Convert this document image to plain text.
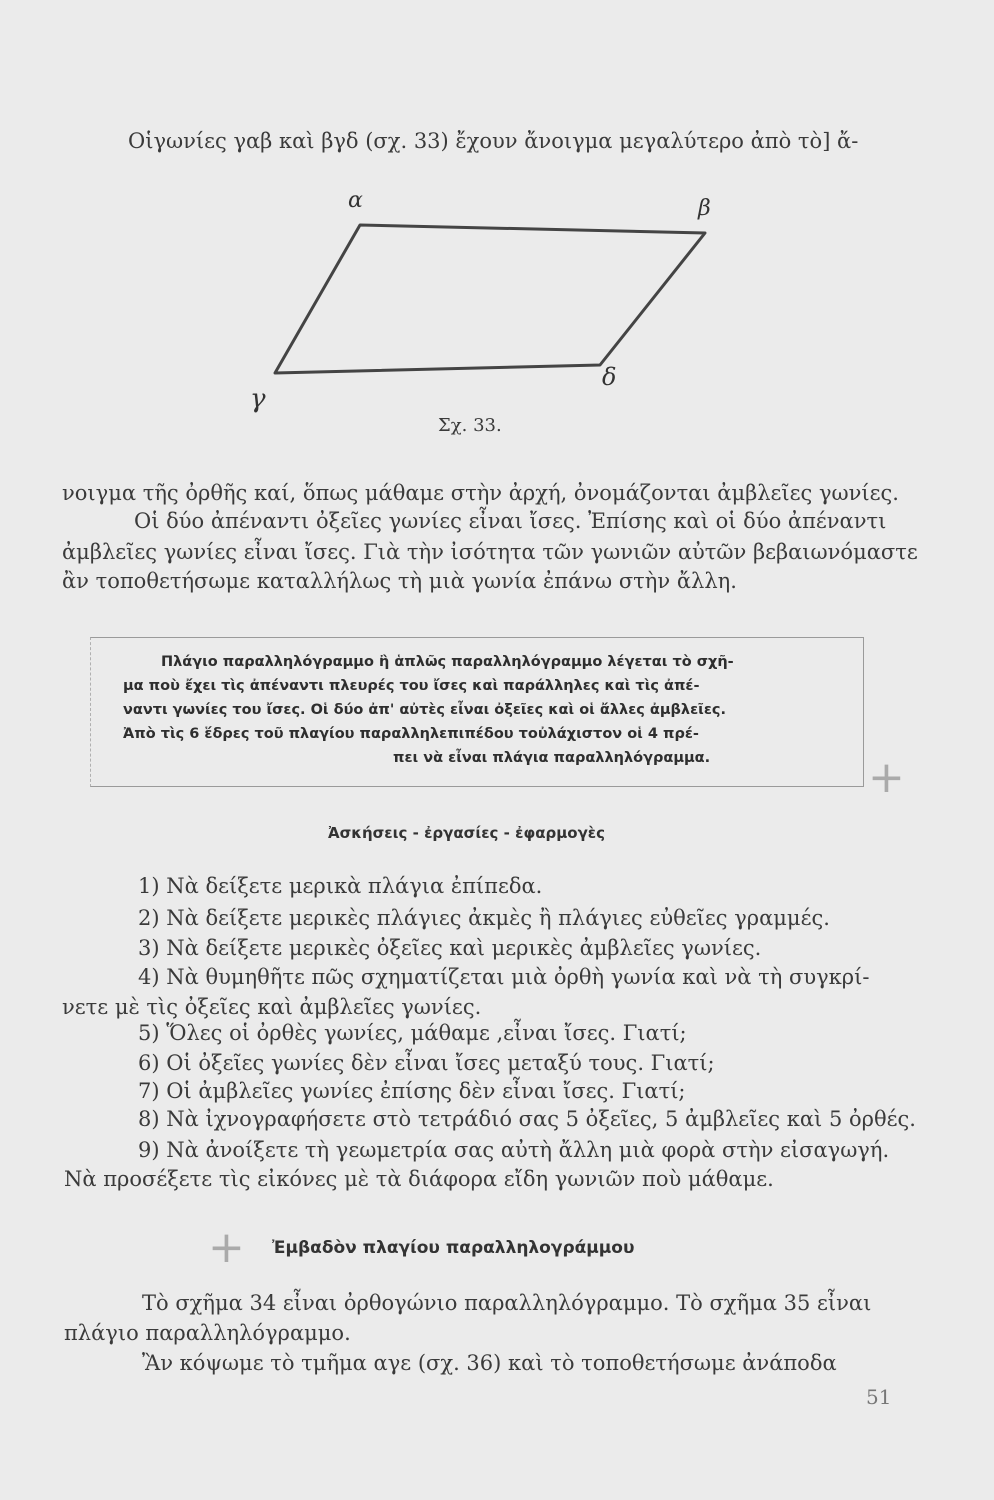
Οἱγωνίες γαβ καὶ βγδ (σχ. 33) ἔχουν ἄνοιγμα μεγαλύτερο ἀπὸ τὸ] ἄ-
α	β
γ
δ
Σχ. 33.
νοιγμα τῆς ὀρθῆς καί, ὅπως μάθαμε στὴν ἀρχή, ὀνομάζονται ἀμβλεῖες γωνίες.
Οἱ δύο ἀπέναντι ὀξεῖες γωνίες εἶναι ἴσες. Ἐπίσης καὶ οἱ δύο ἀπέναντι
ἀμβλεῖες γωνίες εἶναι ἴσες. Γιὰ τὴν ἰσότητα τῶν γωνιῶν αὐτῶν βεβαιωνόμαστε
ἂν τοποθετήσωμε καταλλήλως τὴ μιὰ γωνία ἐπάνω στὴν ἄλλη.
Πλάγιο παραλληλόγραμμο ἢ ἁπλῶς παραλληλόγραμμο λέγεται τὸ σχῆ-
μα ποὺ ἔχει τὶς ἀπέναντι πλευρές του ἴσες καὶ παράλληλες καὶ τὶς ἀπέ-
ναντι γωνίες του ἴσες. Οἱ δύο ἀπ' αὐτὲς εἶναι ὀξεῖες καὶ οἱ ἄλλες ἀμβλεῖες.
Ἀπὸ τὶς 6 ἕδρες τοῦ πλαγίου παραλληλεπιπέδου τοὐλάχιστον οἱ 4 πρέ-
πει νὰ εἶναι πλάγια παραλληλόγραμμα.	+
Ἀσκήσεις - ἐργασίες - ἐφαρμογὲς
1) Νὰ δείξετε μερικὰ πλάγια ἐπίπεδα.
2) Νὰ δείξετε μερικὲς πλάγιες ἀκμὲς ἢ πλάγιες εὐθεῖες γραμμές.
3) Νὰ δείξετε μερικὲς ὀξεῖες καὶ μερικὲς ἀμβλεῖες γωνίες.
4) Νὰ θυμηθῆτε πῶς σχηματίζεται μιὰ ὀρθὴ γωνία καὶ νὰ τὴ συγκρί-
νετε μὲ τὶς ὀξεῖες καὶ ἀμβλεῖες γωνίες.
5) Ὅλες οἱ ὀρθὲς γωνίες, μάθαμε ,εἶναι ἴσες. Γιατί;
6) Οἱ ὀξεῖες γωνίες δὲν εἶναι ἴσες μεταξύ τους. Γιατί;
7) Οἱ ἀμβλεῖες γωνίες ἐπίσης δὲν εἶναι ἴσες. Γιατί;
8) Νὰ ἰχνογραφήσετε στὸ τετράδιό σας 5 ὀξεῖες, 5 ἀμβλεῖες καὶ 5 ὀρθές.
9) Νὰ ἀνοίξετε τὴ γεωμετρία σας αὐτὴ ἄλλη μιὰ φορὰ στὴν εἰσαγωγή.
Νὰ προσέξετε τὶς εἰκόνες μὲ τὰ διάφορα εἴδη γωνιῶν ποὺ μάθαμε.
+ Ἐμβαδὸν πλαγίου παραλληλογράμμου
Τὸ σχῆμα 34 εἶναι ὀρθογώνιο παραλληλόγραμμο. Τὸ σχῆμα 35 εἶναι
πλάγιο παραλληλόγραμμο.
Ἂν κόψωμε τὸ τμῆμα αγε (σχ. 36) καὶ τὸ τοποθετήσωμε ἀνάποδα
51
